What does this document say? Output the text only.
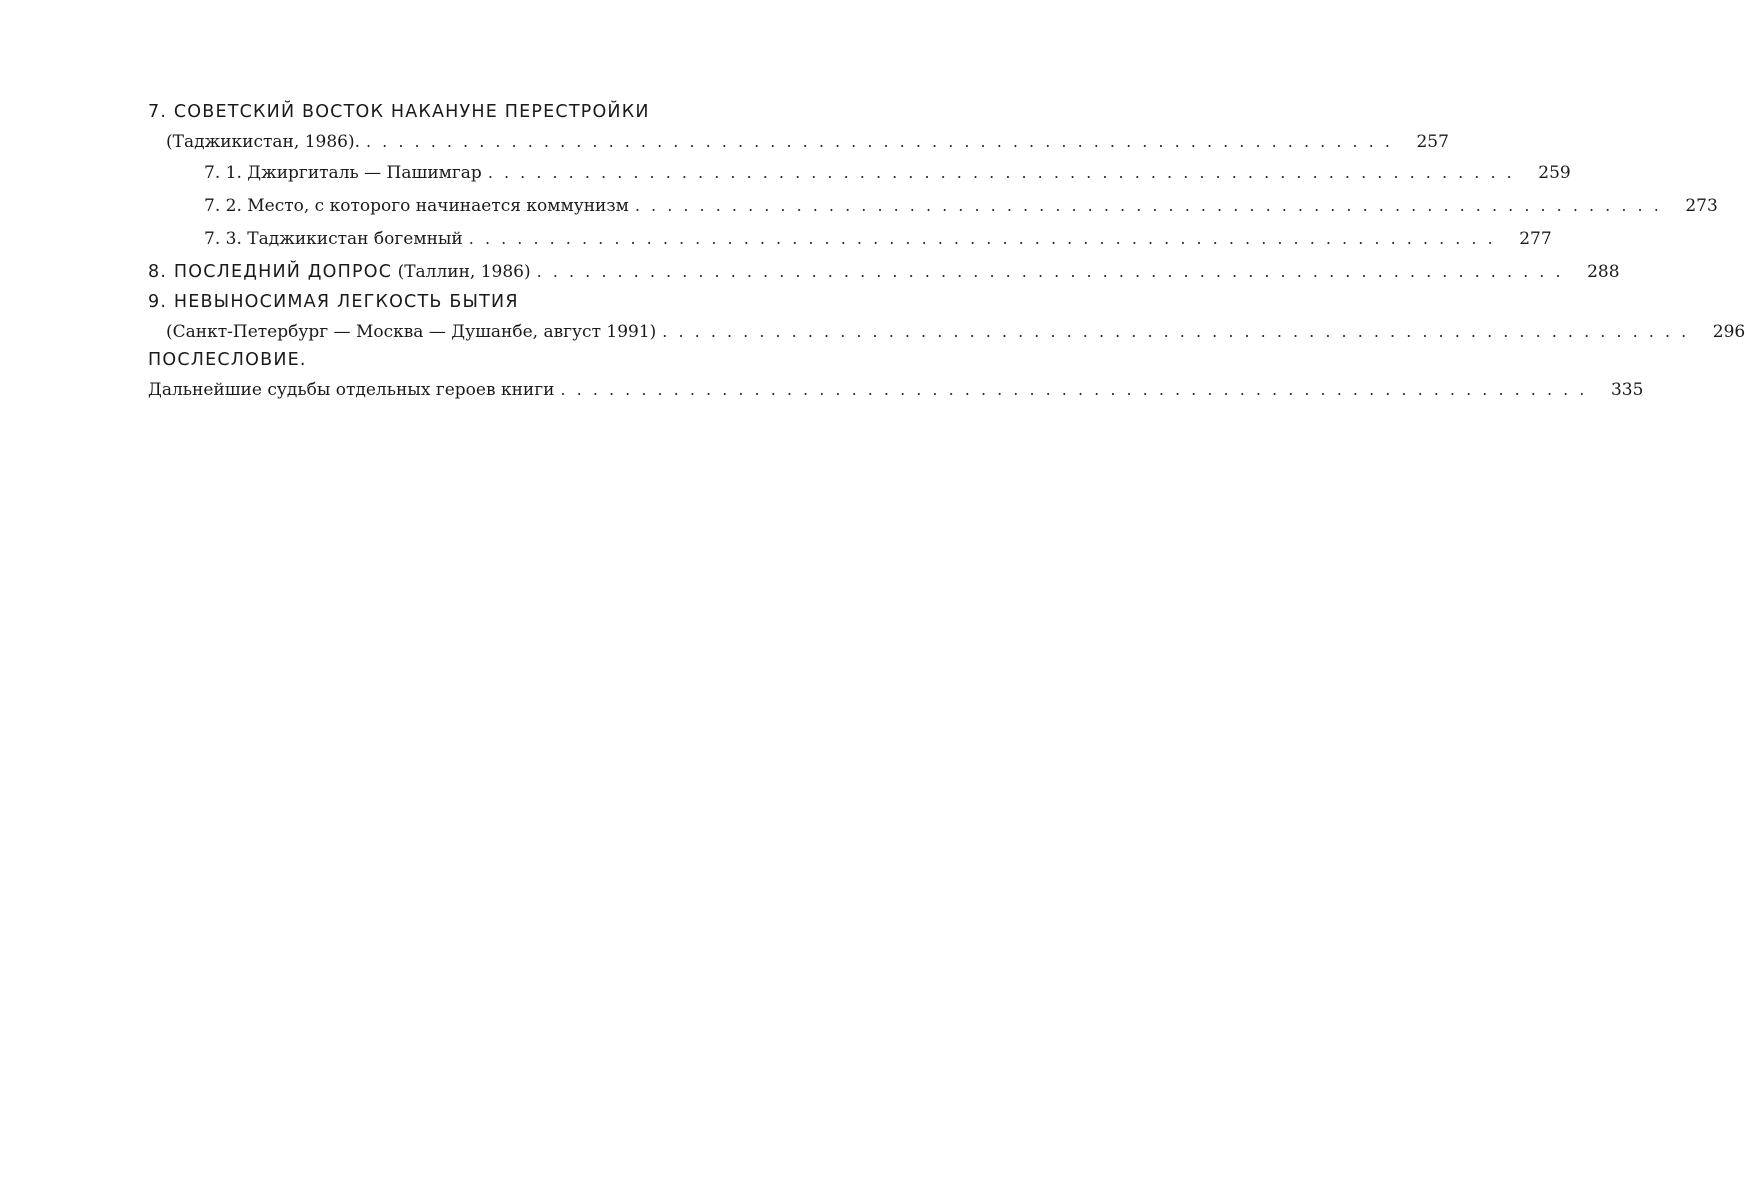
7. СОВЕТСКИЙ ВОСТОК НАКАНУНЕ ПЕРЕСТРОЙКИ
(Таджикистан, 1986). . . . . . . . . . . . . . . . . . . . . . . . . . . . . . . . . . . . . . . . . . . . . . . . . . . . . . . . . . . . . . . . .	257
7. 1. Джиргиталь — Пашимгар . . . . . . . . . . . . . . . . . . . . . . . . . . . . . . . . . . . . . . . . . . . . . . . . . . . . . . . . . . . . . . . .	259
7. 2. Место, с которого начинается коммунизм . . . . . . . . . . . . . . . . . . . . . . . . . . . . . . . . . . . . . . . . . . . . . . . . . . . . . . . . . . . . . . . .	273
7. 3. Таджикистан богемный . . . . . . . . . . . . . . . . . . . . . . . . . . . . . . . . . . . . . . . . . . . . . . . . . . . . . . . . . . . . . . . .	277
8. ПОСЛЕДНИЙ ДОПРОС (Таллин, 1986) . . . . . . . . . . . . . . . . . . . . . . . . . . . . . . . . . . . . . . . . . . . . . . . . . . . . . . . . . . . . . . . .	288
9. НЕВЫНОСИМАЯ ЛЕГКОСТЬ БЫТИЯ
(Санкт-Петербург — Москва — Душанбе, август 1991) . . . . . . . . . . . . . . . . . . . . . . . . . . . . . . . . . . . . . . . . . . . . . . . . . . . . . . . . . . . . . . . .	296
ПОСЛЕСЛОВИЕ.
Дальнейшие судьбы отдельных героев книги . . . . . . . . . . . . . . . . . . . . . . . . . . . . . . . . . . . . . . . . . . . . . . . . . . . . . . . . . . . . . . . .	335
